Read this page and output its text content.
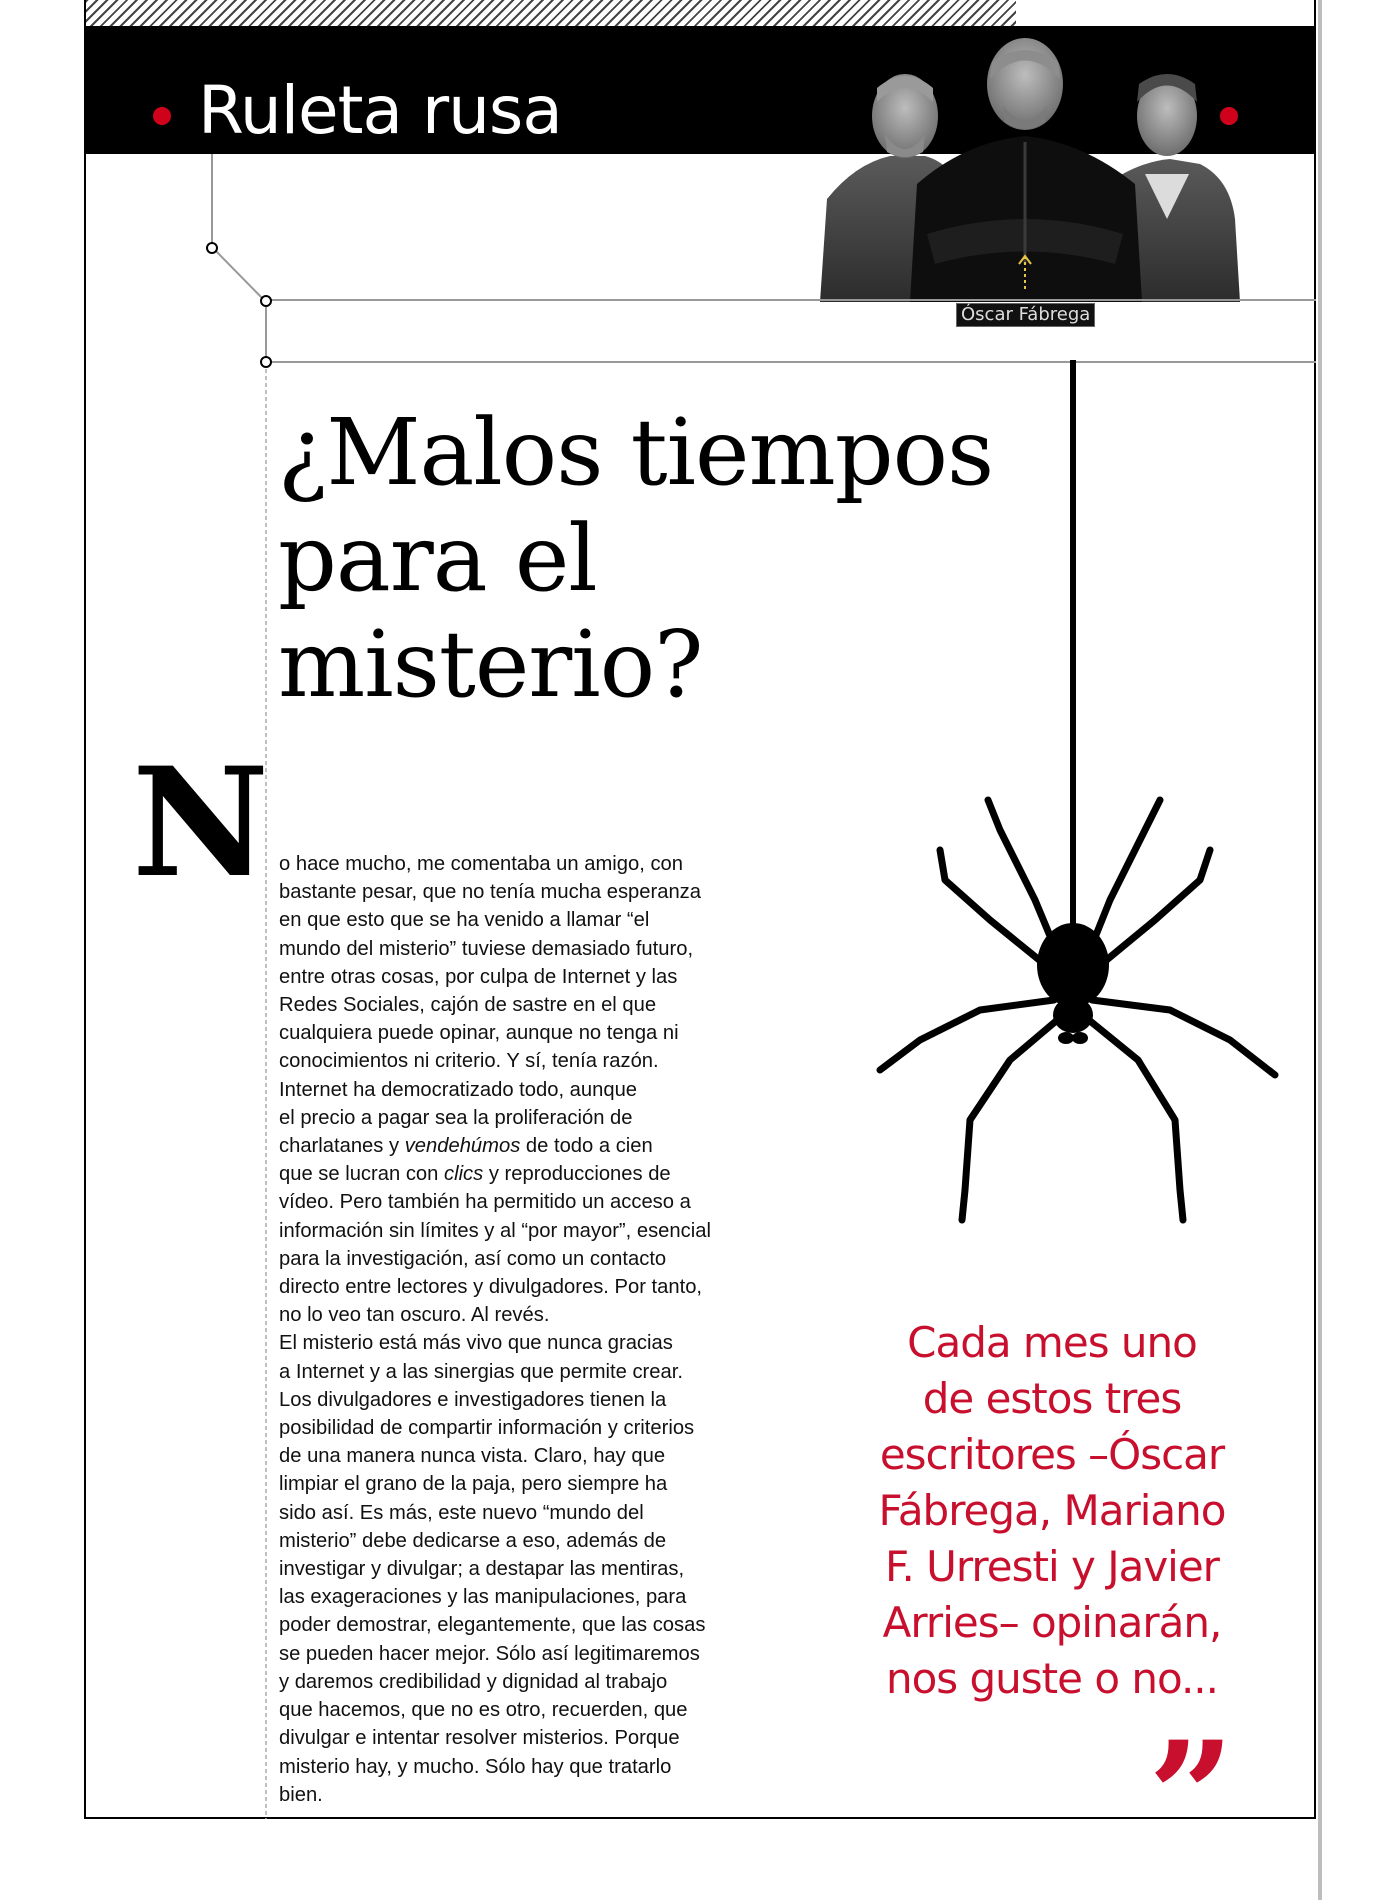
Ruleta rusa
Óscar Fábrega
¿Malos tiempos
para el
misterio?
N o hace mucho, me comentaba un amigo, con
bastante pesar, que no tenía mucha esperanza
en que esto que se ha venido a llamar “el
mundo del misterio” tuviese demasiado futuro,
entre otras cosas, por culpa de Internet y las
Redes Sociales, cajón de sastre en el que
cualquiera puede opinar, aunque no tenga ni
conocimientos ni criterio. Y sí, tenía razón.
Internet ha democratizado todo, aunque
el precio a pagar sea la proliferación de
charlatanes y vendehúmos de todo a cien
que se lucran con clics y reproducciones de
vídeo. Pero también ha permitido un acceso a
información sin límites y al “por mayor”, esencial
para la investigación, así como un contacto
directo entre lectores y divulgadores. Por tanto,
no lo veo tan oscuro. Al revés.
El misterio está más vivo que nunca gracias
a Internet y a las sinergias que permite crear.
Los divulgadores e investigadores tienen la
posibilidad de compartir información y criterios
de una manera nunca vista. Claro, hay que
limpiar el grano de la paja, pero siempre ha
sido así. Es más, este nuevo “mundo del
misterio” debe dedicarse a eso, además de
investigar y divulgar; a destapar las mentiras,
las exageraciones y las manipulaciones, para
poder demostrar, elegantemente, que las cosas
se pueden hacer mejor. Sólo así legitimaremos
y daremos credibilidad y dignidad al trabajo
que hacemos, que no es otro, recuerden, que
divulgar e intentar resolver misterios. Porque
misterio hay, y mucho. Sólo hay que tratarlo
bien.
Cada mes uno
de estos tres
escritores –Óscar
Fábrega, Mariano
F. Urresti y Javier
Arries– opinarán,
nos guste o no...
”
